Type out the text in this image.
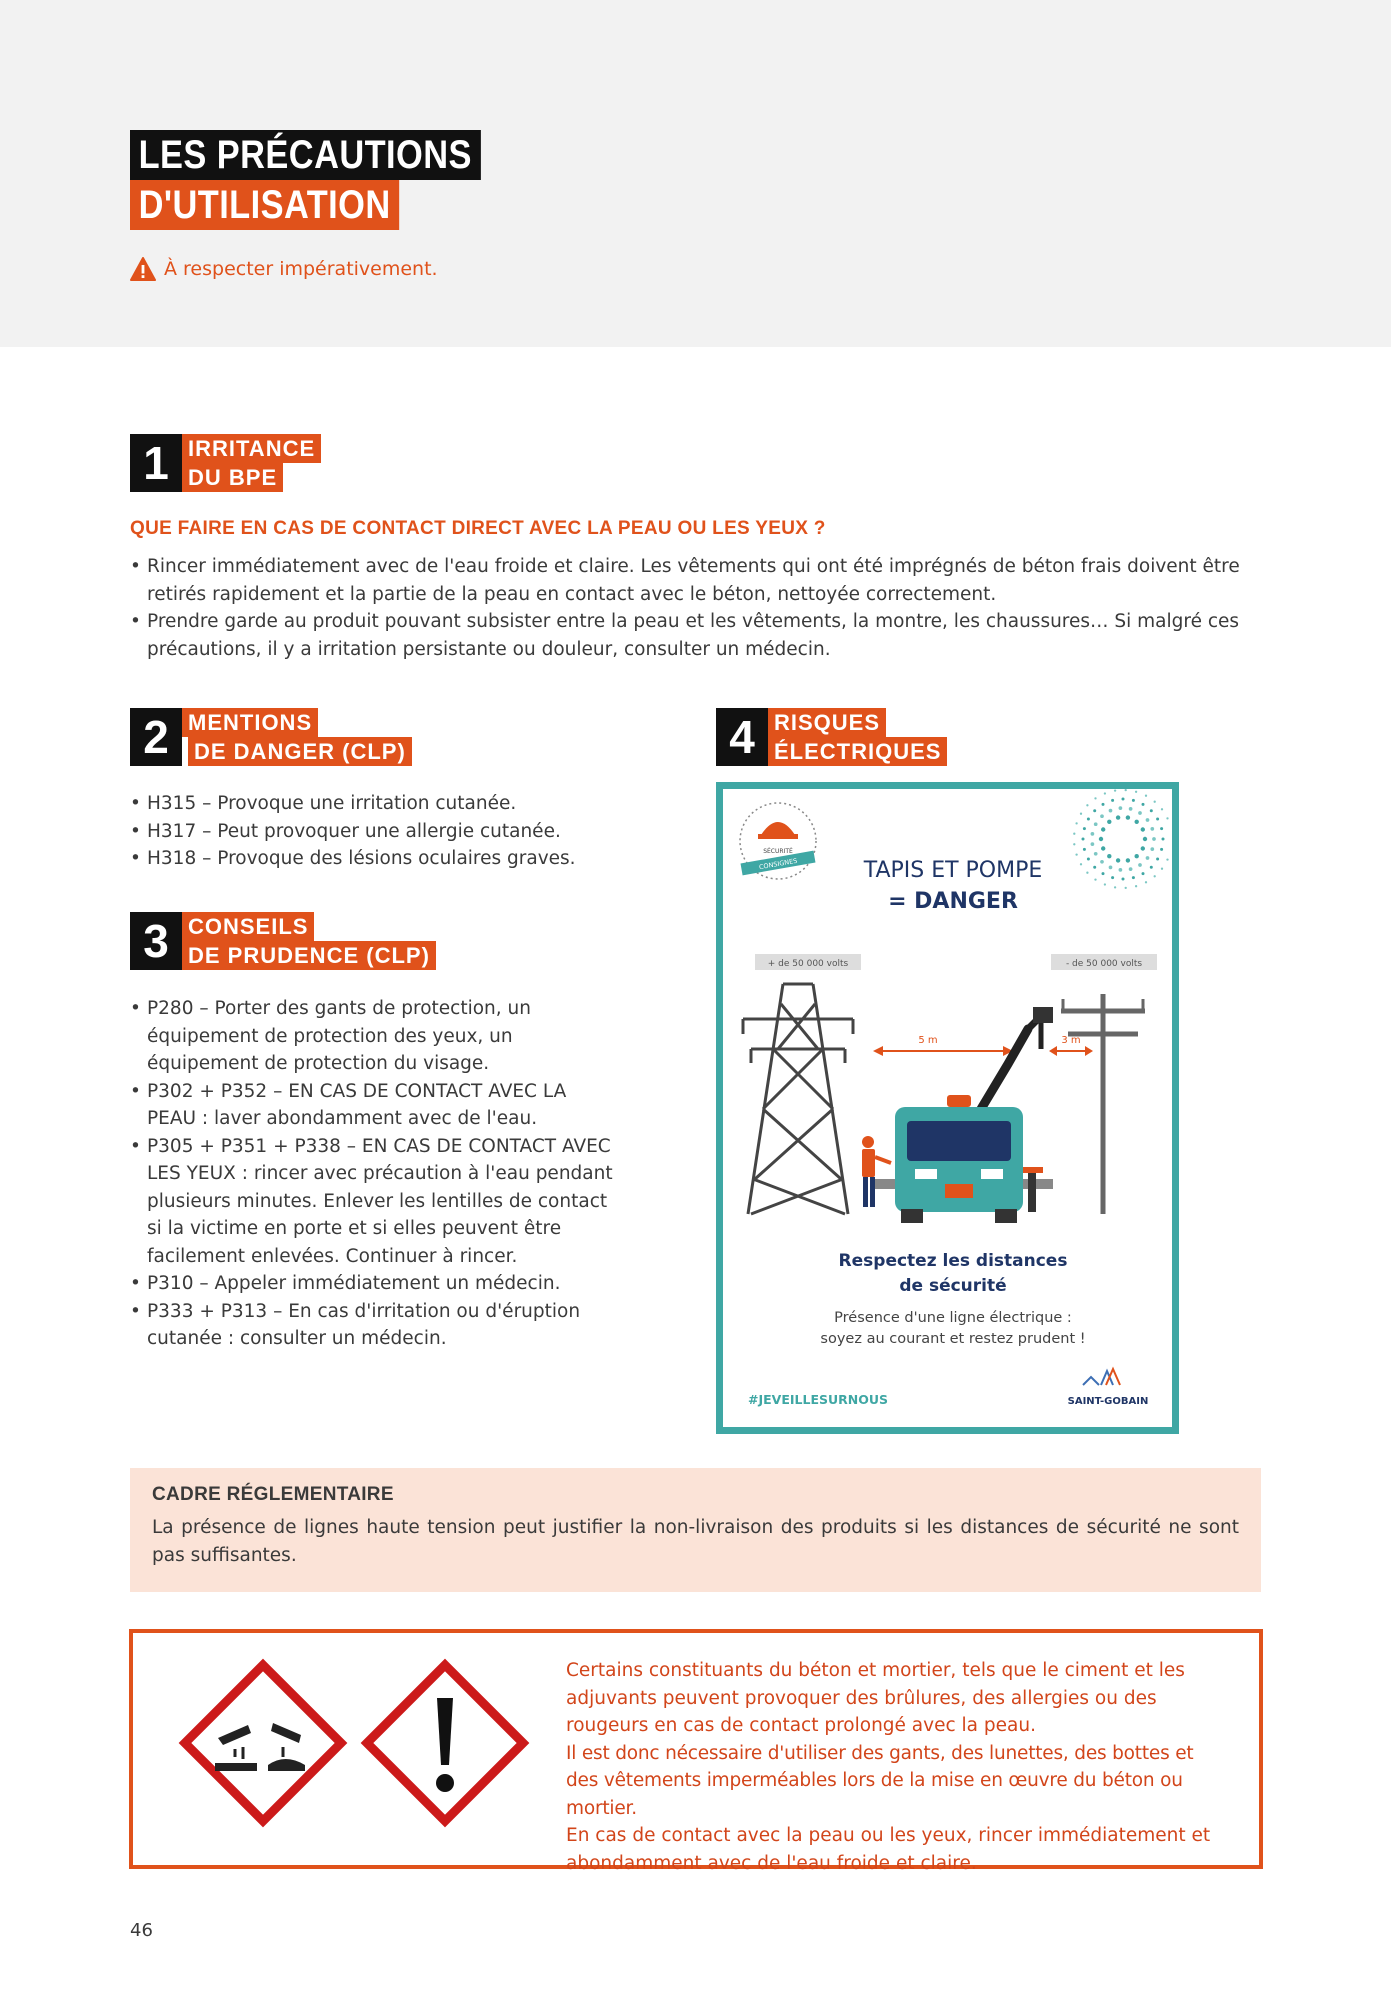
LES PRÉCAUTIONS
D'UTILISATION
À respecter impérativement.
1 IRRITANCE
DU BPE
QUE FAIRE EN CAS DE CONTACT DIRECT AVEC LA PEAU OU LES YEUX ?
• Rincer immédiatement avec de l'eau froide et claire. Les vêtements qui ont été imprégnés de béton frais doivent être retirés rapidement et la partie de la peau en contact avec le béton, nettoyée correctement.
• Prendre garde au produit pouvant subsister entre la peau et les vêtements, la montre, les chaussures… Si malgré ces précautions, il y a irritation persistante ou douleur, consulter un médecin.
2 MENTIONS
DE DANGER (CLP)
• H315 – Provoque une irritation cutanée.
• H317 – Peut provoquer une allergie cutanée.
• H318 – Provoque des lésions oculaires graves.
3 CONSEILS
DE PRUDENCE (CLP)
• P280 – Porter des gants de protection, un équipement de protection des yeux, un équipement de protection du visage.
• P302 + P352 – EN CAS DE CONTACT AVEC LA PEAU : laver abondamment avec de l'eau.
• P305 + P351 + P338 – EN CAS DE CONTACT AVEC LES YEUX : rincer avec précaution à l'eau pendant plusieurs minutes. Enlever les lentilles de contact si la victime en porte et si elles peuvent être facilement enlevées. Continuer à rincer.
• P310 – Appeler immédiatement un médecin.
• P333 + P313 – En cas d'irritation ou d'éruption cutanée : consulter un médecin.
4 RISQUES
ÉLECTRIQUES
SÉCURITÉ
CONSIGNES	TAPIS ET POMPE
= DANGER
+ de 50 000 volts	- de 50 000 volts
5 m	3 m
Respectez les distances
de sécurité
Présence d'une ligne électrique :
soyez au courant et restez prudent !
#JEVEILLESURNOUS	SAINT-GOBAIN
CADRE RÉGLEMENTAIRE
La présence de lignes haute tension peut justifier la non-livraison des produits si les distances de sécurité ne sont pas suffisantes.

Certains constituants du béton et mortier, tels que le ciment et les adjuvants peuvent provoquer des brûlures, des allergies ou des rougeurs en cas de contact prolongé avec la peau.

Il est donc nécessaire d'utiliser des gants, des lunettes, des bottes et des vêtements imperméables lors de la mise en œuvre du béton ou mortier.

En cas de contact avec la peau ou les yeux, rincer immédiatement et abondamment avec de l'eau froide et claire.

46
